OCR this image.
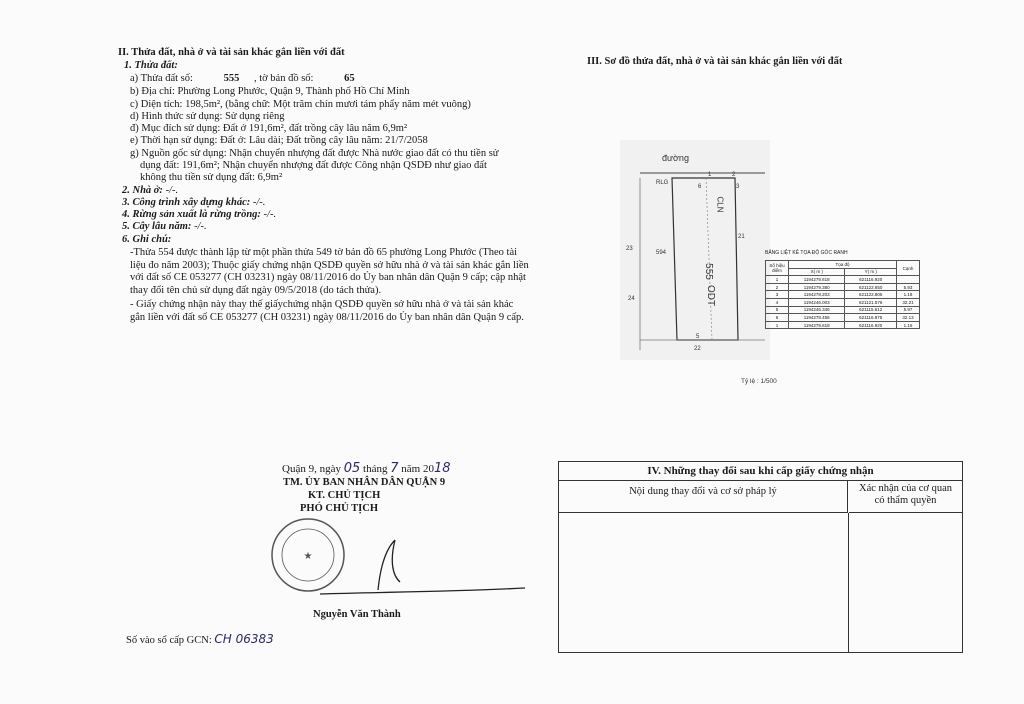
II. Thửa đất, nhà ở và tài sản khác gắn liền với đất
1. Thửa đất:
a) Thửa đất số:	555 , tờ bản đồ số:	65
b) Địa chỉ: Phường Long Phước, Quận 9, Thành phố Hồ Chí Minh
c) Diện tích: 198,5m², (bằng chữ: Một trăm chín mươi tám phẩy năm mét vuông)
d) Hình thức sử dụng: Sử dụng riêng
đ) Mục đích sử dụng: Đất ở 191,6m², đất trồng cây lâu năm 6,9m²
e) Thời hạn sử dụng: Đất ở: Lâu dài; Đất trồng cây lâu năm: 21/7/2058
g) Nguồn gốc sử dụng: Nhận chuyển nhượng đất được Nhà nước giao đất có thu tiền sử
dụng đất: 191,6m²; Nhận chuyển nhượng đất được Công nhận QSDĐ như giao đất
không thu tiền sử dụng đất: 6,9m²
2. Nhà ở: -/-.
3. Công trình xây dựng khác: -/-.
4. Rừng sản xuất là rừng trồng: -/-.
5. Cây lâu năm: -/-.
6. Ghi chú:
-Thửa 554 được thành lập từ một phần thửa 549 tờ bản đồ 65 phường Long Phước (Theo tài liệu đo năm 2003); Thuộc giấy chứng nhận QSDĐ quyền sở hữu nhà ở và tài sản khác gắn liền với đất số CE 053277 (CH 03231) ngày 08/11/2016 do Ủy ban nhân dân Quận 9 cấp; cập nhật thay đổi tên chủ sử dụng đất ngày 09/5/2018 (do tách thửa).
- Giấy chứng nhận này thay thế giấychứng nhận QSDĐ quyền sở hữu nhà ở và tài sản khác gắn liền với đất số CE 053277 (CH 03231) ngày 08/11/2016 do Ủy ban nhân dân Quận 9 cấp.
III. Sơ đồ thửa đất, nhà ở và tài sản khác gắn liền với đất
đường
RLG
CLN
555
ODT
594
21
22
23
24
1	2
3
5
6
BẢNG LIỆT KÊ TỌA ĐỘ GÓC RANH
Số hiệu điểm	Tọa độ		Cạnh
	X( m )	Y( m )	
1	1194279.618	621116.920	
2	1194279.380	621122.850	5.93
3	1194278.203	621122.805	1.18
4	1194246.003	621121.576	32.21
5	1194246.346	621115.612	5.97
6	1194278.456	621116.875	32.13
1	1194279.618	621116.920	1.16
Tỷ lệ : 1/500
Quận 9, ngày 05 tháng 7 năm 2018
TM. ỦY BAN NHÂN DÂN QUẬN 9
KT. CHỦ TỊCH
PHÓ CHỦ TỊCH
★
Nguyễn Văn Thành
Số vào sổ cấp GCN: CH 06383
IV. Những thay đổi sau khi cấp giấy chứng nhận
Nội dung thay đổi và cơ sở pháp lý	Xác nhận của cơ quan
có thẩm quyền
